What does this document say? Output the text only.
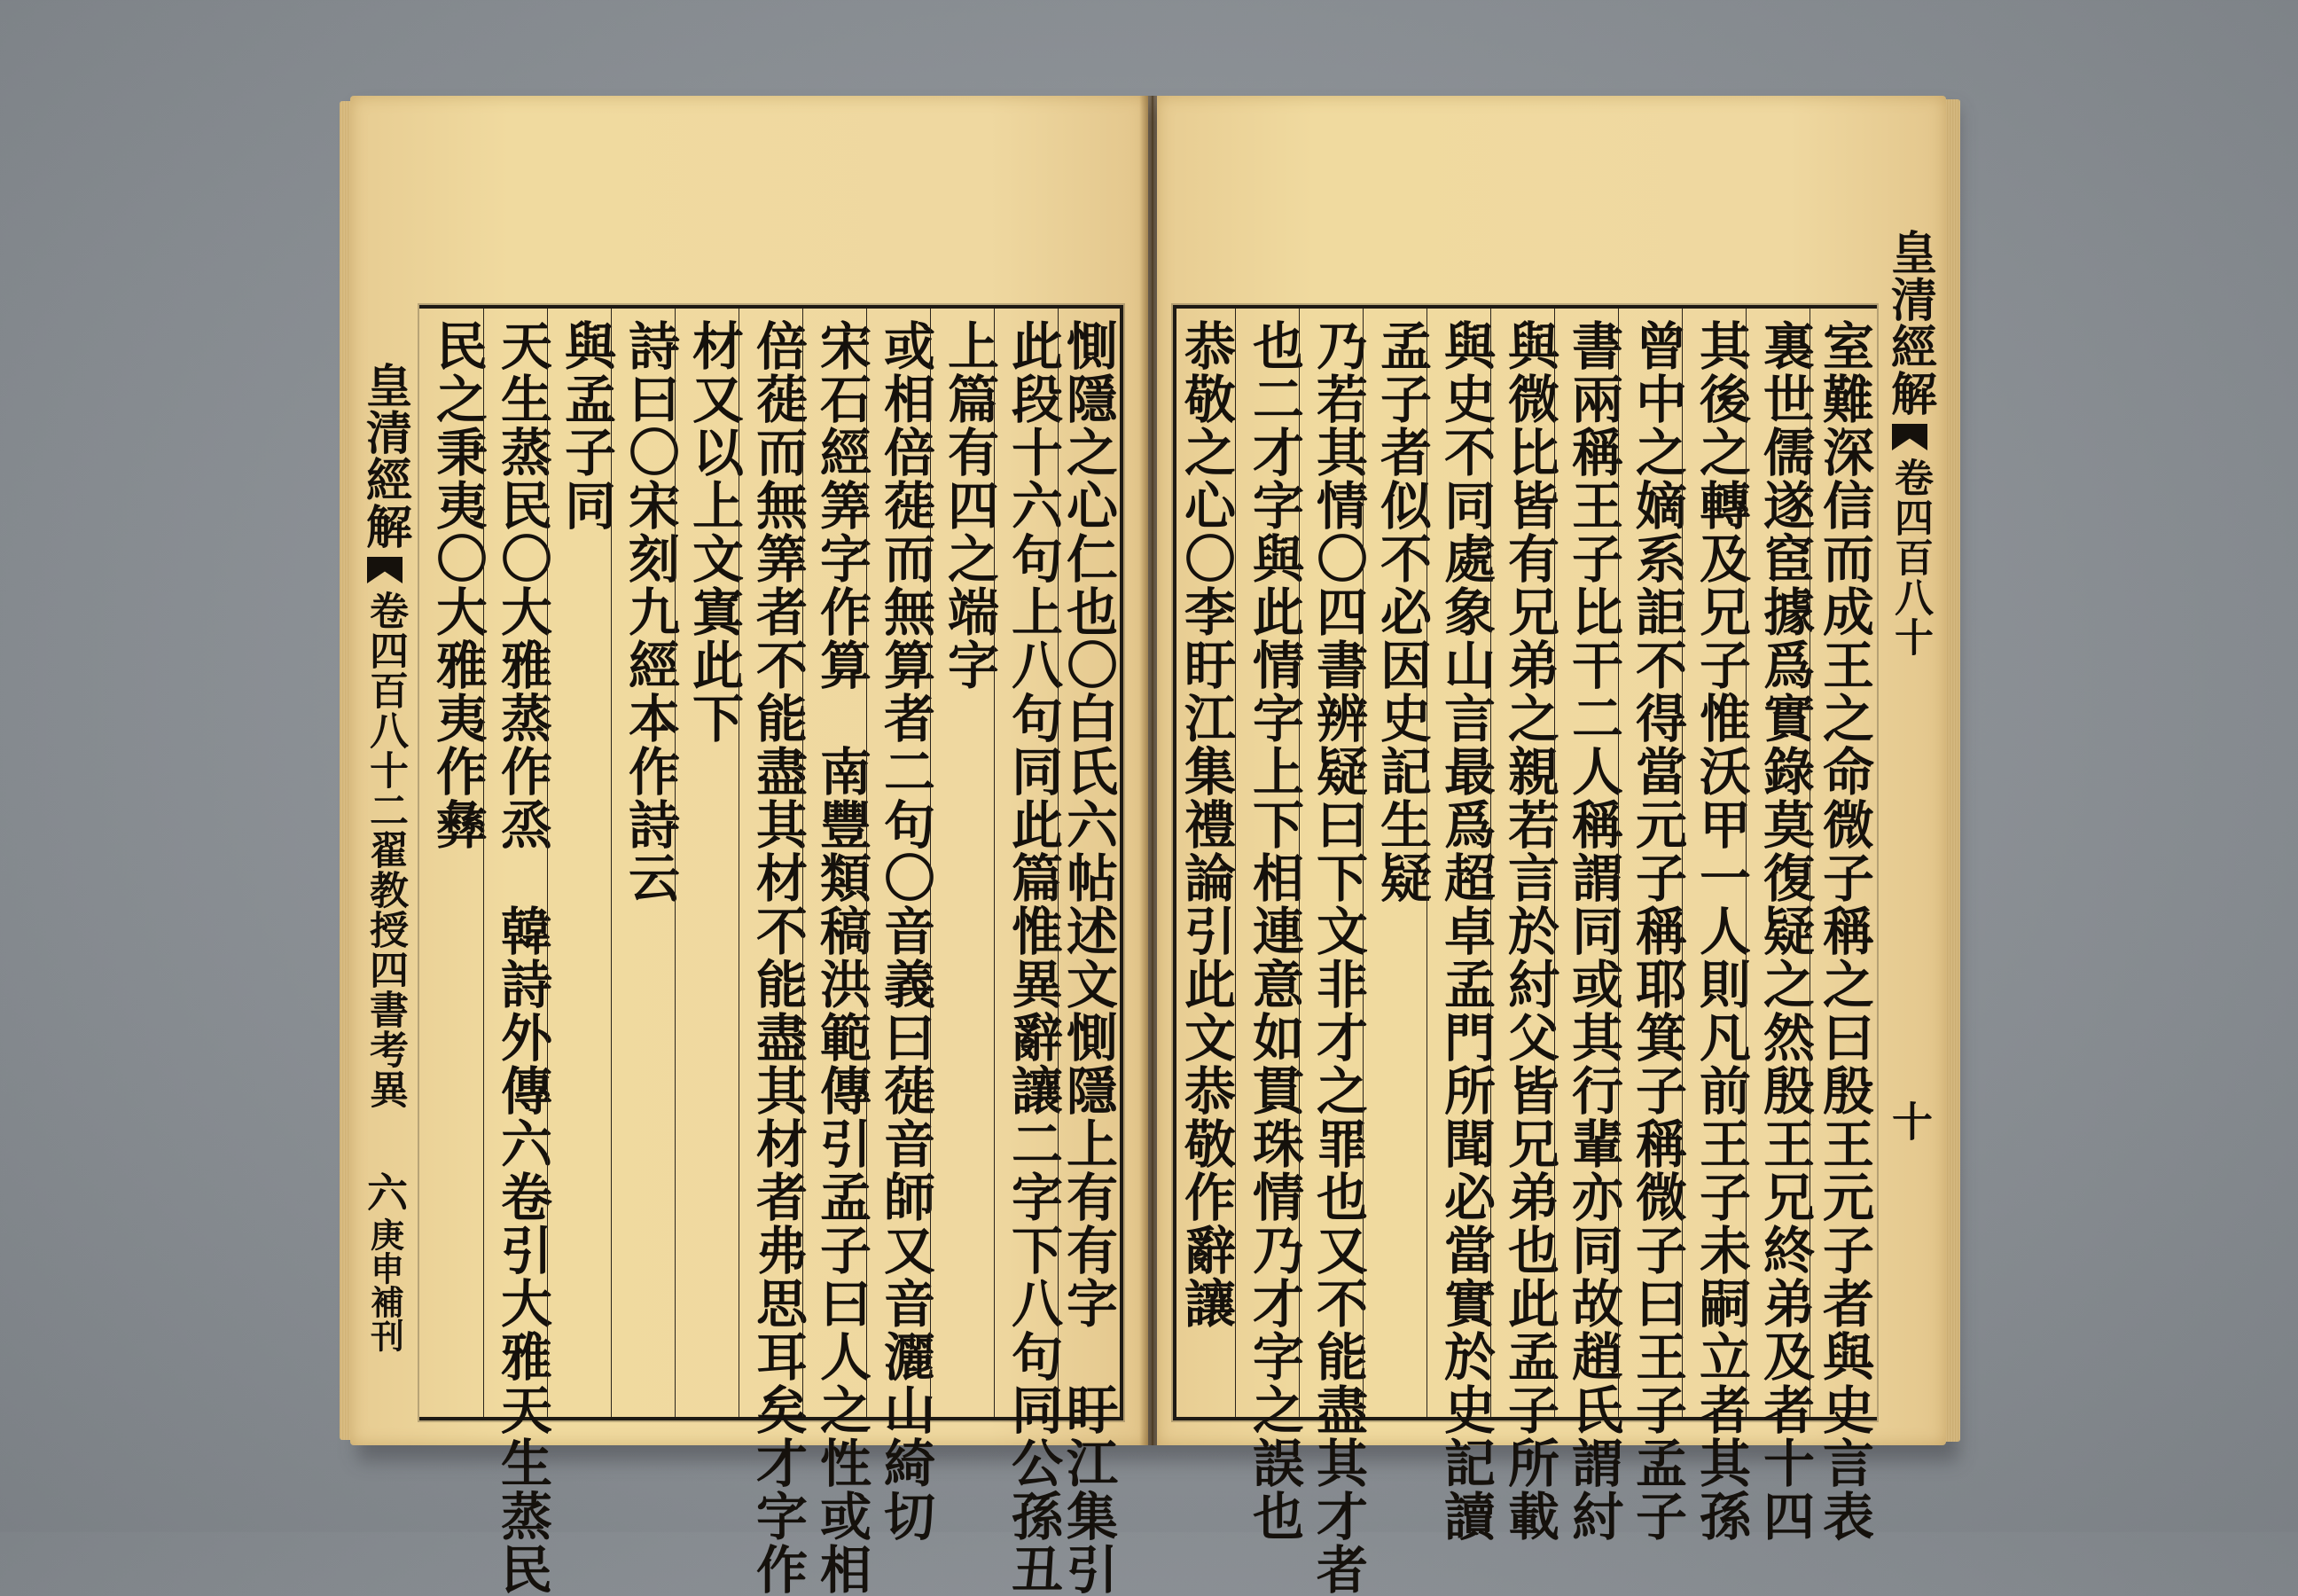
皇清經解
卷四百八十二
翟教授四書考異
六
庚申補刊
民之秉夷〇大雅夷作彝 天生蒸民〇大雅蒸作烝　韓詩外傳六卷引大雅天生蒸民 與孟子同 詩曰〇宋刻九經本作詩云 材又以上文寘此下 倍蓰而無筭者不能盡其材不能盡其材者弗思耳矣才字作 宋石經筭字作算　南豐類稿洪範傳引孟子曰人之性或相 或相倍蓰而無算者二句〇音義曰蓰音師又音灑山綺切 上篇有四之端字 此段十六句上八句同此篇惟異辭讓二字下八句同公孫丑
惻隱之心仁也〇白氏六帖述文惻隱上有有字　盱江集引 恭敬之心〇李盱江集禮論引此文恭敬作辭讓 也二才字與此情字上下相連意如貫珠情乃才字之誤也 乃若其情〇四書辨疑曰下文非才之罪也又不能盡其才者 孟子者似不必因史記生疑 與史不同處象山言最爲超卓孟門所聞必當實於史記讀 與微比皆有兄弟之親若言於紂父皆兄弟也此孟子所載 書兩稱王子比干二人稱謂同或其行輩亦同故趙氏謂紂 曾中之嫡系詎不得當元子稱耶箕子稱微子曰王子孟子 其後之轉及兄子惟沃甲一人則凡前王子未嗣立者其孫 裏世儒遂䆠據爲實錄莫復疑之然殷王兄終弟及者十四 室難深信而成王之命微子稱之曰殷王元子者與史言表 皇清經解
卷四百八十
十
